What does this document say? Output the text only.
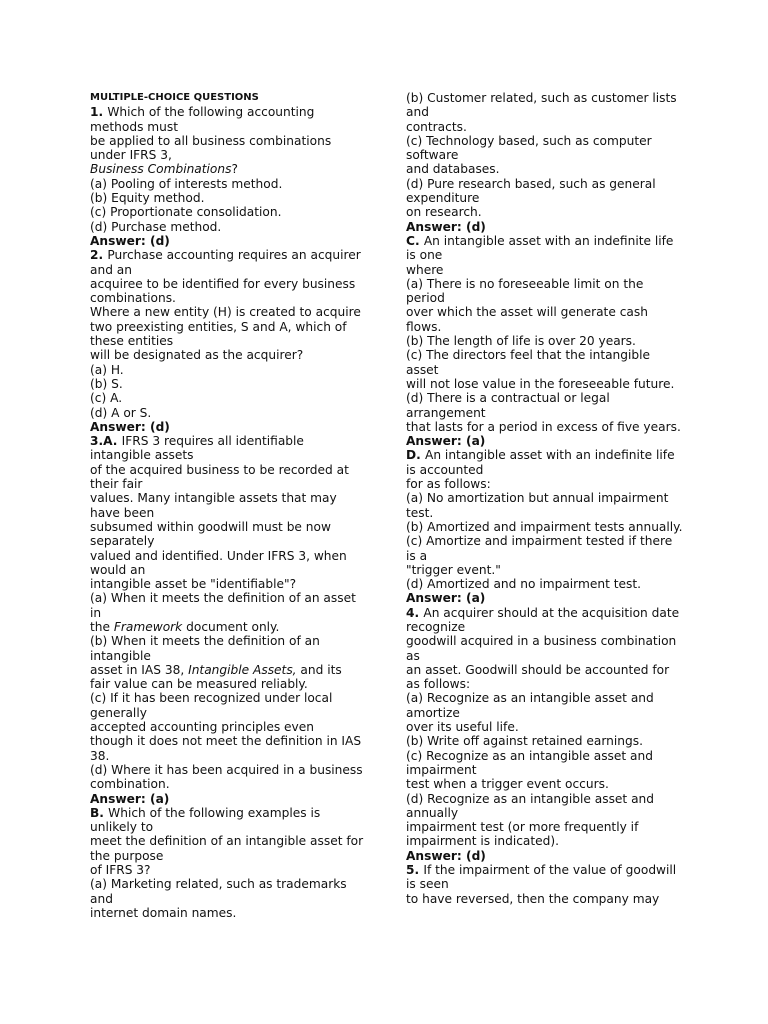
MULTIPLE-CHOICE QUESTIONS
1. Which of the following accounting
methods must
be applied to all business combinations
under IFRS 3,
Business Combinations?
(a) Pooling of interests method.
(b) Equity method.
(c) Proportionate consolidation.
(d) Purchase method.
Answer: (d)
2. Purchase accounting requires an acquirer
and an
acquiree to be identified for every business
combinations.
Where a new entity (H) is created to acquire
two preexisting entities, S and A, which of
these entities
will be designated as the acquirer?
(a) H.
(b) S.
(c) A.
(d) A or S.
Answer: (d)
3.A. IFRS 3 requires all identifiable
intangible assets
of the acquired business to be recorded at
their fair
values. Many intangible assets that may
have been
subsumed within goodwill must be now
separately
valued and identified. Under IFRS 3, when
would an
intangible asset be "identifiable"?
(a) When it meets the definition of an asset
in
the Framework document only.
(b) When it meets the definition of an
intangible
asset in IAS 38, Intangible Assets, and its
fair value can be measured reliably.
(c) If it has been recognized under local
generally
accepted accounting principles even
though it does not meet the definition in IAS
38.
(d) Where it has been acquired in a business
combination.
Answer: (a)
B. Which of the following examples is
unlikely to
meet the definition of an intangible asset for
the purpose
of IFRS 3?
(a) Marketing related, such as trademarks
and
internet domain names.
(b) Customer related, such as customer lists
and
contracts.
(c) Technology based, such as computer
software
and databases.
(d) Pure research based, such as general
expenditure
on research.
Answer: (d)
C. An intangible asset with an indefinite life
is one
where
(a) There is no foreseeable limit on the
period
over which the asset will generate cash
flows.
(b) The length of life is over 20 years.
(c) The directors feel that the intangible
asset
will not lose value in the foreseeable future.
(d) There is a contractual or legal
arrangement
that lasts for a period in excess of five years.
Answer: (a)
D. An intangible asset with an indefinite life
is accounted
for as follows:
(a) No amortization but annual impairment
test.
(b) Amortized and impairment tests annually.
(c) Amortize and impairment tested if there
is a
"trigger event."
(d) Amortized and no impairment test.
Answer: (a)
4. An acquirer should at the acquisition date
recognize
goodwill acquired in a business combination
as
an asset. Goodwill should be accounted for
as follows:
(a) Recognize as an intangible asset and
amortize
over its useful life.
(b) Write off against retained earnings.
(c) Recognize as an intangible asset and
impairment
test when a trigger event occurs.
(d) Recognize as an intangible asset and
annually
impairment test (or more frequently if
impairment is indicated).
Answer: (d)
5. If the impairment of the value of goodwill
is seen
to have reversed, then the company may
